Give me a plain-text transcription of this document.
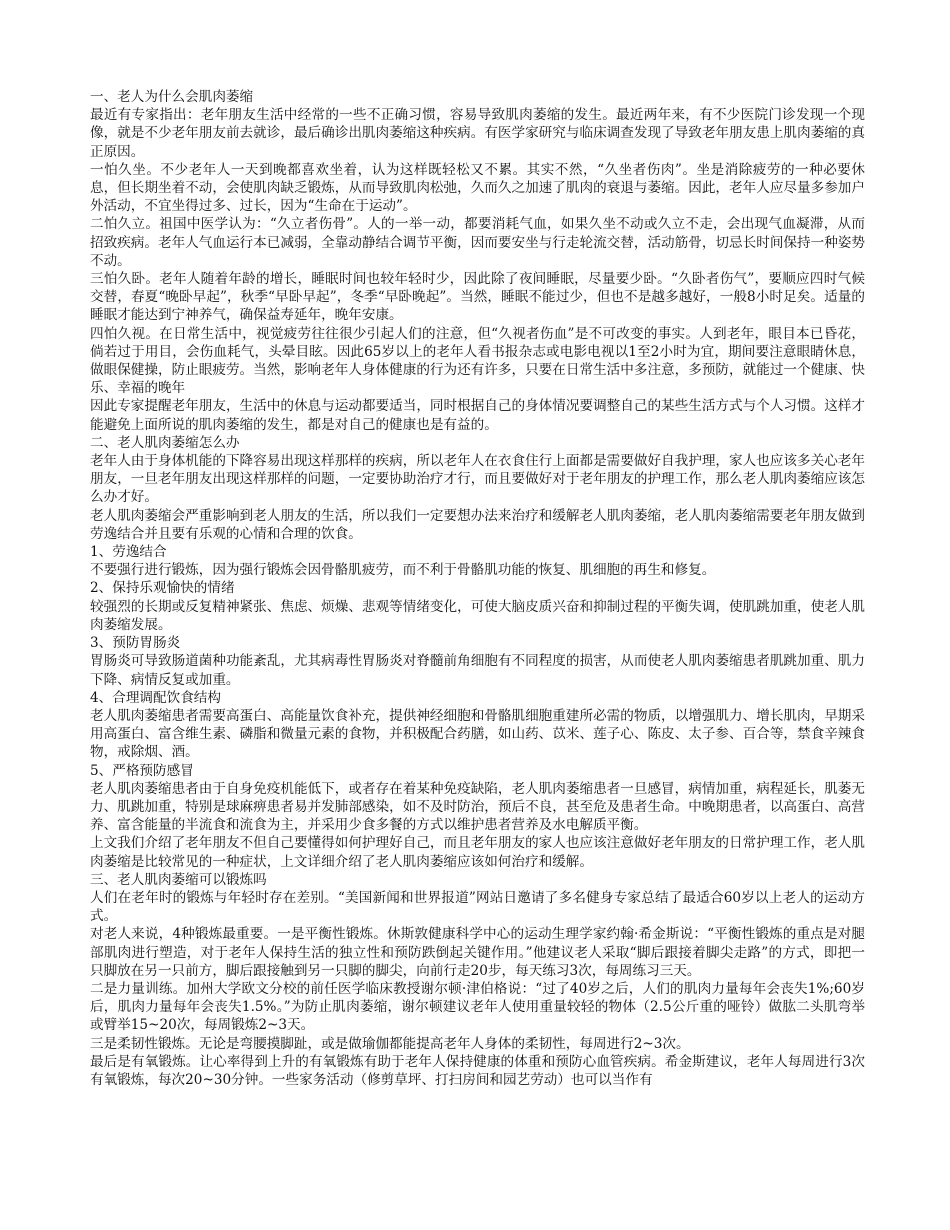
一、老人为什么会肌肉萎缩

最近有专家指出：老年朋友生活中经常的一些不正确习惯，容易导致肌肉萎缩的发生。最近两年来，有不少医院门诊发现一个现像，就是不少老年朋友前去就诊，最后确诊出肌肉萎缩这种疾病。有医学家研究与临床调查发现了导致老年朋友患上肌肉萎缩的真正原因。

一怕久坐。不少老年人一天到晚都喜欢坐着，认为这样既轻松又不累。其实不然，“久坐者伤肉”。坐是消除疲劳的一种必要休息，但长期坐着不动，会使肌肉缺乏锻炼，从而导致肌肉松弛，久而久之加速了肌肉的衰退与萎缩。因此，老年人应尽量多参加户外活动，不宜坐得过多、过长，因为“生命在于运动”。

二怕久立。祖国中医学认为：“久立者伤骨”。人的一举一动，都要消耗气血，如果久坐不动或久立不走，会出现气血凝滞，从而招致疾病。老年人气血运行本已减弱，全靠动静结合调节平衡，因而要安坐与行走轮流交替，活动筋骨，切忌长时间保持一种姿势不动。

三怕久卧。老年人随着年龄的增长，睡眠时间也较年轻时少，因此除了夜间睡眠，尽量要少卧。“久卧者伤气”，要顺应四时气候交替，春夏“晚卧早起”，秋季“早卧早起”，冬季“早卧晚起”。当然，睡眠不能过少，但也不是越多越好，一般8小时足矣。适量的睡眠才能达到宁神养气，确保益寿延年，晚年安康。

四怕久视。在日常生活中，视觉疲劳往往很少引起人们的注意，但“久视者伤血”是不可改变的事实。人到老年，眼目本已昏花，倘若过于用目，会伤血耗气，头晕目眩。因此65岁以上的老年人看书报杂志或电影电视以1至2小时为宜，期间要注意眼睛休息，做眼保健操，防止眼疲劳。当然，影响老年人身体健康的行为还有许多，只要在日常生活中多注意，多预防，就能过一个健康、快乐、幸福的晚年

因此专家提醒老年朋友，生活中的休息与运动都要适当，同时根据自己的身体情况要调整自己的某些生活方式与个人习惯。这样才能避免上面所说的肌肉萎缩的发生，都是对自己的健康也是有益的。

二、老人肌肉萎缩怎么办

老年人由于身体机能的下降容易出现这样那样的疾病，所以老年人在衣食住行上面都是需要做好自我护理，家人也应该多关心老年朋友，一旦老年朋友出现这样那样的问题，一定要协助治疗才行，而且要做好对于老年朋友的护理工作，那么老人肌肉萎缩应该怎么办才好。

老人肌肉萎缩会严重影响到老人朋友的生活，所以我们一定要想办法来治疗和缓解老人肌肉萎缩，老人肌肉萎缩需要老年朋友做到劳逸结合并且要有乐观的心情和合理的饮食。

1、劳逸结合

不要强行进行锻炼，因为强行锻炼会因骨骼肌疲劳，而不利于骨骼肌功能的恢复、肌细胞的再生和修复。

2、保持乐观愉快的情绪

较强烈的长期或反复精神紧张、焦虑、烦燥、悲观等情绪变化，可使大脑皮质兴奋和抑制过程的平衡失调，使肌跳加重，使老人肌肉萎缩发展。

3、预防胃肠炎

胃肠炎可导致肠道菌种功能紊乱，尤其病毒性胃肠炎对脊髓前角细胞有不同程度的损害，从而使老人肌肉萎缩患者肌跳加重、肌力下降、病情反复或加重。

4、合理调配饮食结构

老人肌肉萎缩患者需要高蛋白、高能量饮食补充，提供神经细胞和骨骼肌细胞重建所必需的物质，以增强肌力、增长肌肉，早期采用高蛋白、富含维生素、磷脂和微量元素的食物，并积极配合药膳，如山药、苡米、莲子心、陈皮、太子参、百合等，禁食辛辣食物，戒除烟、酒。

5、严格预防感冒

老人肌肉萎缩患者由于自身免疫机能低下，或者存在着某种免疫缺陷，老人肌肉萎缩患者一旦感冒，病情加重，病程延长，肌萎无力、肌跳加重，特别是球麻痹患者易并发肺部感染，如不及时防治，预后不良，甚至危及患者生命。中晚期患者，以高蛋白、高营养、富含能量的半流食和流食为主，并采用少食多餐的方式以维护患者营养及水电解质平衡。

上文我们介绍了老年朋友不但自己要懂得如何护理好自己，而且老年朋友的家人也应该注意做好老年朋友的日常护理工作，老人肌肉萎缩是比较常见的一种症状，上文详细介绍了老人肌肉萎缩应该如何治疗和缓解。

三、老人肌肉萎缩可以锻炼吗

人们在老年时的锻炼与年轻时存在差别。“美国新闻和世界报道”网站日邀请了多名健身专家总结了最适合60岁以上老人的运动方式。

对老人来说，4种锻炼最重要。一是平衡性锻炼。休斯敦健康科学中心的运动生理学家约翰·希金斯说：“平衡性锻炼的重点是对腿部肌肉进行塑造，对于老年人保持生活的独立性和预防跌倒起关键作用。”他建议老人采取“脚后跟接着脚尖走路”的方式，即把一只脚放在另一只前方，脚后跟接触到另一只脚的脚尖，向前行走20步，每天练习3次，每周练习三天。

二是力量训练。加州大学欧文分校的前任医学临床教授谢尔顿·津伯格说：“过了40岁之后，人们的肌肉力量每年会丧失1%;60岁后，肌肉力量每年会丧失1.5%。”为防止肌肉萎缩，谢尔顿建议老年人使用重量较轻的物体（2.5公斤重的哑铃）做肱二头肌弯举或臂举15~20次，每周锻炼2~3天。

三是柔韧性锻炼。无论是弯腰摸脚趾，或是做瑜伽都能提高老年人身体的柔韧性，每周进行2~3次。

最后是有氧锻炼。让心率得到上升的有氧锻炼有助于老年人保持健康的体重和预防心血管疾病。希金斯建议，老年人每周进行3次有氧锻炼，每次20~30分钟。一些家务活动（修剪草坪、打扫房间和园艺劳动）也可以当作有
